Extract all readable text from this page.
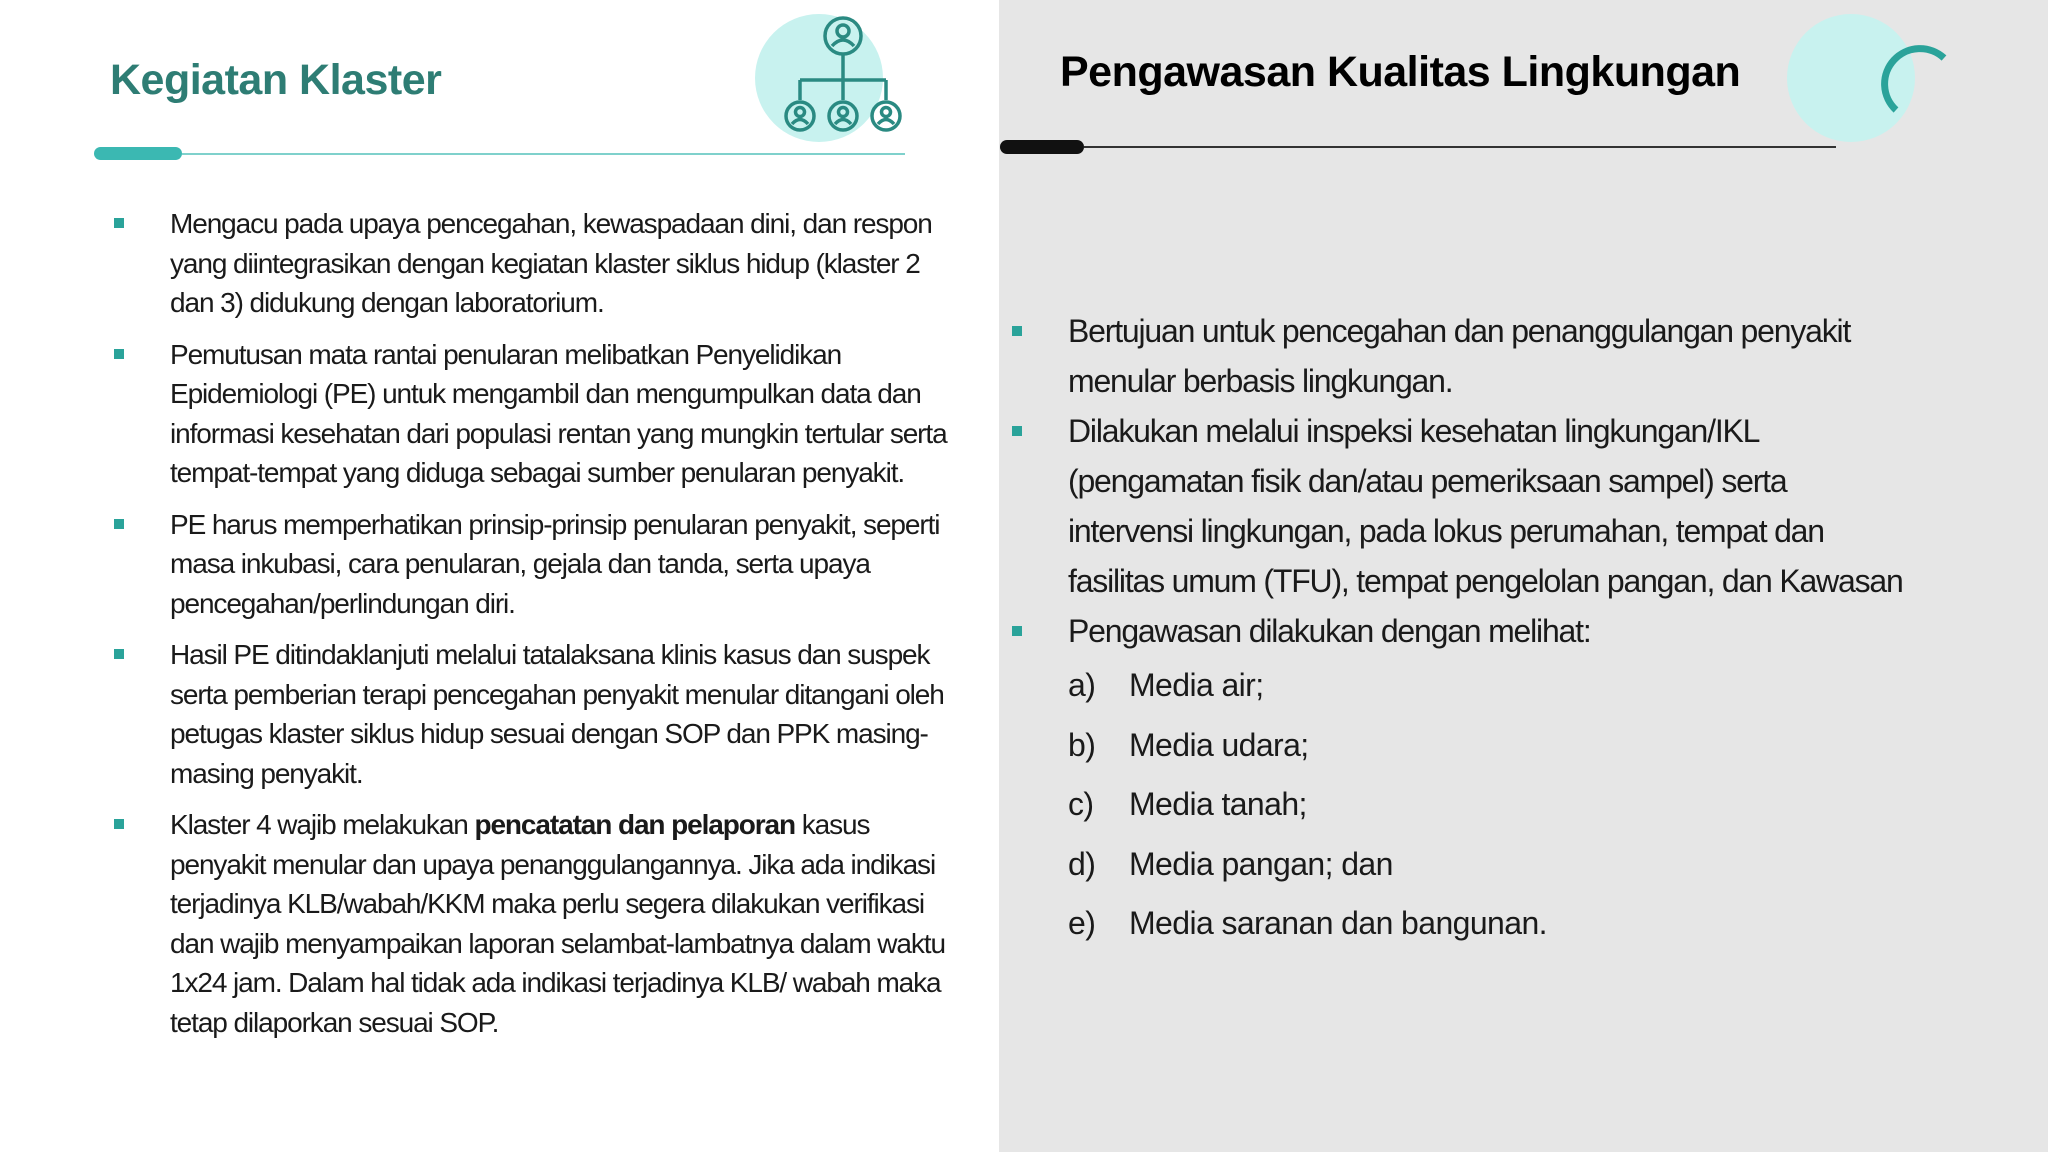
Kegiatan Klaster
Mengacu pada upaya pencegahan, kewaspadaan dini, dan respon yang diintegrasikan dengan kegiatan klaster siklus hidup (klaster 2 dan 3) didukung dengan laboratorium.
Pemutusan mata rantai penularan melibatkan Penyelidikan Epidemiologi (PE) untuk mengambil dan mengumpulkan data dan informasi kesehatan dari populasi rentan yang mungkin tertular serta tempat-tempat yang diduga sebagai sumber penularan penyakit.
PE harus memperhatikan prinsip-prinsip penularan penyakit, seperti masa inkubasi, cara penularan, gejala dan tanda, serta upaya pencegahan/perlindungan diri.
Hasil PE ditindaklanjuti melalui tatalaksana klinis kasus dan suspek serta pemberian terapi pencegahan penyakit menular ditangani oleh petugas klaster siklus hidup sesuai dengan SOP dan PPK masing-masing penyakit.
Klaster 4 wajib melakukan pencatatan dan pelaporan kasus penyakit menular dan upaya penanggulangannya. Jika ada indikasi terjadinya KLB/wabah/KKM maka perlu segera dilakukan verifikasi dan wajib menyampaikan laporan selambat-lambatnya dalam waktu 1x24 jam. Dalam hal tidak ada indikasi terjadinya KLB/ wabah maka tetap dilaporkan sesuai SOP.
Pengawasan Kualitas Lingkungan
Bertujuan untuk pencegahan dan penanggulangan penyakit menular berbasis lingkungan.
Dilakukan melalui inspeksi kesehatan lingkungan/IKL (pengamatan fisik dan/atau pemeriksaan sampel) serta intervensi lingkungan, pada lokus perumahan, tempat dan fasilitas umum (TFU), tempat pengelolan pangan, dan Kawasan
Pengawasan dilakukan dengan melihat:
a)	Media air;
b)	Media udara;
c)	Media tanah;
d)	Media pangan; dan
e)	Media saranan dan bangunan.
